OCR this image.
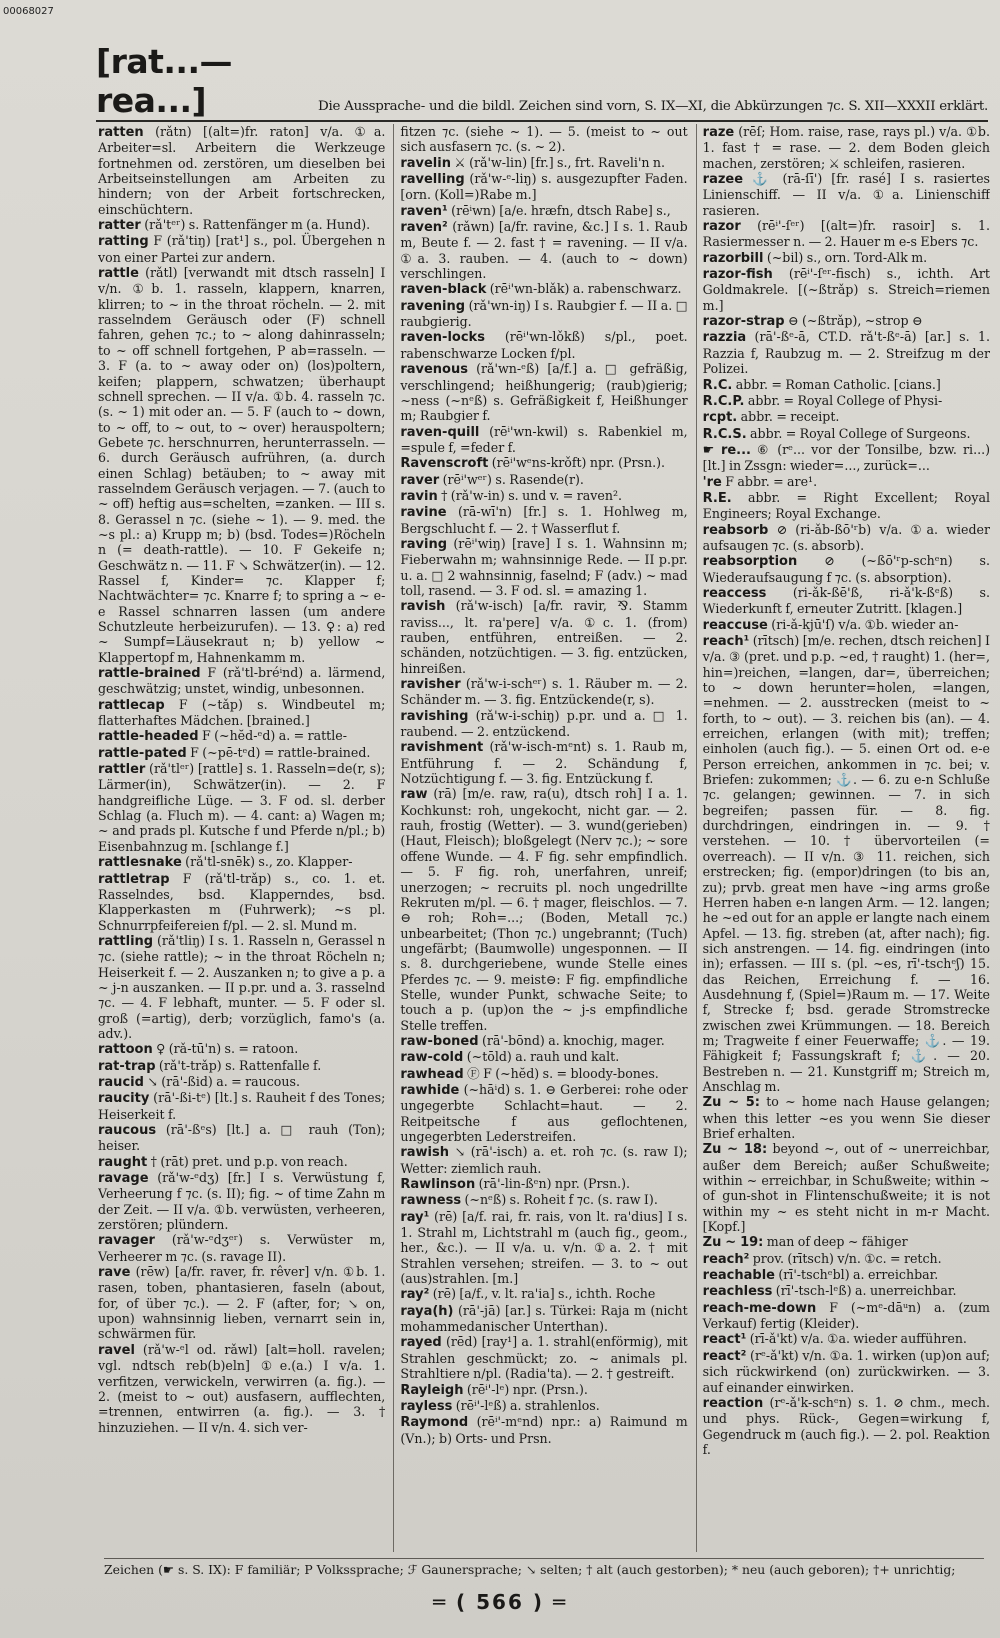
00068027
[rat...—rea...]	Die Aussprache- und die bildl. Zeichen sind vorn, S. IX—XI, die Abkürzungen ⁊c. S. XII—XXXII erklärt.

ratten (rǎtn) [(alt=)fr. raton] v/a. ①a. Arbeiter=sl. Arbeitern die Werkzeuge fortnehmen od. zerstören, um dieselben bei Arbeitseinstellungen am Arbeiten zu hindern; von der Arbeit fortschrecken, einschüchtern.

ratter (rǎ'tᵉʳ) s. Rattenfänger m (a. Hund).

ratting F (rǎ'tiŋ) [rat¹] s., pol. Übergehen n von einer Partei zur andern.

rattle (rǎtl) [verwandt mit dtsch rasseln] I v/n. ①b. 1. rasseln, klappern, knarren, klirren; to ~ in the throat röcheln. — 2. mit rasselndem Geräusch oder (F) schnell fahren, gehen ⁊c.; to ~ along dahinrasseln; to ~ off schnell fortgehen, P ab=rasseln. — 3. F (a. to ~ away oder on) (los)poltern, keifen; plappern, schwatzen; überhaupt schnell sprechen. — II v/a. ①b. 4. rasseln ⁊c. (s. ~ 1) mit oder an. — 5. F (auch to ~ down, to ~ off, to ~ out, to ~ over) herauspoltern; Gebete ⁊c. herschnurren, herunterrasseln. — 6. durch Geräusch aufrühren, (a. durch einen Schlag) betäuben; to ~ away mit rasselndem Geräusch verjagen. — 7. (auch to ~ off) heftig aus=schelten, =zanken. — III s. 8. Gerassel n ⁊c. (siehe ~ 1). — 9. med. the ~s pl.: a) Krupp m; b) (bsd. Todes=)Röcheln n (= death-rattle). — 10. F Gekeife n; Geschwätz n. — 11. F ↘ Schwätzer(in). — 12. Rassel f, Kinder= ⁊c. Klapper f; Nachtwächter= ⁊c. Knarre f; to spring a ~ e-e Rassel schnarren lassen (um andere Schutzleute herbeizurufen). — 13. ♀: a) red ~ Sumpf=Läusekraut n; b) yellow ~ Klappertopf m, Hahnenkamm m.

rattle-brained F (rǎ'tl-bréⁱnd) a. lärmend, geschwätzig; unstet, windig, unbesonnen.

rattlecap F (~tǎp) s. Windbeutel m; flatterhaftes Mädchen. [brained.]

rattle-headed F (~hĕd-ᵉd) a. = rattle-

rattle-pated F (~pē-tᵉd) = rattle-brained.

rattler (rǎ'tlᵉʳ) [rattle] s. 1. Rasseln=de(r, s); Lärmer(in), Schwätzer(in). — 2. F handgreifliche Lüge. — 3. F od. sl. derber Schlag (a. Fluch m). — 4. cant: a) Wagen m; ~ and prads pl. Kutsche f und Pferde n/pl.; b) Eisenbahnzug m. [schlange f.]

rattlesnake (rǎ'tl-snēk) s., zo. Klapper-

rattletrap F (rǎ'tl-trǎp) s., co. 1. et. Rasselndes, bsd. Klapperndes, bsd. Klapperkasten m (Fuhrwerk); ~s pl. Schnurrpfeifereien f/pl. — 2. sl. Mund m.

rattling (rǎ'tliŋ) I s. 1. Rasseln n, Gerassel n ⁊c. (siehe rattle); ~ in the throat Röcheln n; Heiserkeit f. — 2. Auszanken n; to give a p. a ~ j-n auszanken. — II p.pr. und a. 3. rasselnd ⁊c. — 4. F lebhaft, munter. — 5. F oder sl. groß (=artig), derb; vorzüglich, famo's (a. adv.).

rattoon ♀ (rǎ-tū'n) s. = ratoon.

rat-trap (rǎ't-trǎp) s. Rattenfalle f.

raucid ↘ (rā'-ßid) a. = raucous.

raucity (rā'-ßi-tᵉ) [lt.] s. Rauheit f des Tones; Heiserkeit f.

raucous (rā'-ßᵉs) [lt.] a. □ rauh (Ton); heiser.

raught † (rāt) pret. und p.p. von reach.

ravage (rǎ'w-ᵉdʒ) [fr.] I s. Verwüstung f, Verheerung f ⁊c. (s. II); fig. ~ of time Zahn m der Zeit. — II v/a. ①b. verwüsten, verheeren, zerstören; plündern.

ravager (rǎ'w-ᵉdʒᵉʳ) s. Verwüster m, Verheerer m ⁊c. (s. ravage II).

rave (rēw) [a/fr. raver, fr. rêver] v/n. ①b. 1. rasen, toben, phantasieren, faseln (about, for, of über ⁊c.). — 2. F (after, for; ↘ on, upon) wahnsinnig lieben, vernarrt sein in, schwärmen für.

ravel (rǎ'w-ᵉl od. rǎwl) [alt=holl. ravelen; vgl. ndtsch reb(b)eln] ①e.(a.) I v/a. 1. verfitzen, verwickeln, verwirren (a. fig.). — 2. (meist to ~ out) ausfasern, aufflechten, =trennen, entwirren (a. fig.). — 3. † hinzuziehen. — II v/n. 4. sich ver-

fitzen ⁊c. (siehe ~ 1). — 5. (meist to ~ out sich ausfasern ⁊c. (s. ~ 2).

ravelin ⚔ (rǎ'w-lin) [fr.] s., frt. Raveli'n n.

ravelling (rǎ'w-ᵉ-liŋ) s. ausgezupfter Faden. [orn. (Koll=)Rabe m.]

raven¹ (rēⁱwn) [a/e. hræfn, dtsch Rabe] s.,

raven² (rǎwn) [a/fr. ravine, &c.] I s. 1. Raub m, Beute f. — 2. fast † = ravening. — II v/a. ①a. 3. rauben. — 4. (auch to ~ down) verschlingen.

raven-black (rēⁱ'wn-blǎk) a. rabenschwarz.

ravening (rǎ'wn-iŋ) I s. Raubgier f. — II a. □ raubgierig.

raven-locks (rēⁱ'wn-lǒkß) s/pl., poet. rabenschwarze Locken f/pl.

ravenous (rǎ'wn-ᵉß) [a/f.] a. □ gefräßig, verschlingend; heißhungerig; (raub)gierig; ~ness (~nᵉß) s. Gefräßigkeit f, Heißhunger m; Raubgier f.

raven-quill (rēⁱ'wn-kwil) s. Rabenkiel m, =spule f, =feder f.

Ravenscroft (rēⁱ'wᵉns-krǒft) npr. (Prsn.).

raver (rēⁱ'wᵉʳ) s. Rasende(r).

ravin † (rǎ'w-in) s. und v. = raven².

ravine (rā-wī'n) [fr.] s. 1. Hohlweg m, Bergschlucht f. — 2. † Wasserflut f.

raving (rēⁱ'wiŋ) [rave] I s. 1. Wahnsinn m; Fieberwahn m; wahnsinnige Rede. — II p.pr. u. a. □ 2 wahnsinnig, faselnd; F (adv.) ~ mad toll, rasend. — 3. F od. sl. = amazing 1.

ravish (rǎ'w-isch) [a/fr. ravir, ⅋. Stamm raviss..., lt. ra'pere] v/a. ①c. 1. (from) rauben, entführen, entreißen. — 2. schänden, notzüchtigen. — 3. fig. entzücken, hinreißen.

ravisher (rǎ'w-i-schᵉʳ) s. 1. Räuber m. — 2. Schänder m. — 3. fig. Entzückende(r, s).

ravishing (rǎ'w-i-schiŋ) p.pr. und a. □ 1. raubend. — 2. entzückend.

ravishment (rǎ'w-isch-mᵉnt) s. 1. Raub m, Entführung f. — 2. Schändung f, Notzüchtigung f. — 3. fig. Entzückung f.

raw (rā) [m/e. raw, ra(u), dtsch roh] I a. 1. Kochkunst: roh, ungekocht, nicht gar. — 2. rauh, frostig (Wetter). — 3. wund(gerieben) (Haut, Fleisch); bloßgelegt (Nerv ⁊c.); ~ sore offene Wunde. — 4. F fig. sehr empfindlich. — 5. F fig. roh, unerfahren, unreif; unerzogen; ~ recruits pl. noch ungedrillte Rekruten m/pl. — 6. † mager, fleischlos. — 7. ⊖ roh; Roh=...; (Boden, Metall ⁊c.) unbearbeitet; (Thon ⁊c.) ungebrannt; (Tuch) ungefärbt; (Baumwolle) ungesponnen. — II s. 8. durchgeriebene, wunde Stelle eines Pferdes ⁊c. — 9. meist⊖: F fig. empfindliche Stelle, wunder Punkt, schwache Seite; to touch a p. (up)on the ~ j-s empfindliche Stelle treffen.

raw-boned (rā'-bōnd) a. knochig, mager.

raw-cold (~tōld) a. rauh und kalt.

rawhead Ⓕ F (~hĕd) s. = bloody-bones.

rawhide (~hāⁱd) s. 1. ⊖ Gerberei: rohe oder ungegerbte Schlacht=haut. — 2. Reitpeitsche f aus geflochtenen, ungegerbten Lederstreifen.

rawish ↘ (rā'-isch) a. et. roh ⁊c. (s. raw I); Wetter: ziemlich rauh.

Rawlinson (rā'-lin-ßᵉn) npr. (Prsn.).

rawness (~nᵉß) s. Roheit f ⁊c. (s. raw I).

ray¹ (rē) [a/f. rai, fr. rais, von lt. ra'dius] I s. 1. Strahl m, Lichtstrahl m (auch fig., geom., her., &c.). — II v/a. u. v/n. ①a. 2. † mit Strahlen versehen; streifen. — 3. to ~ out (aus)strahlen. [m.]

ray² (rē) [a/f., v. lt. ra'ia] s., ichth. Roche

raya(h) (rā'-jā) [ar.] s. Türkei: Raja m (nicht mohammedanischer Unterthan).

rayed (rēd) [ray¹] a. 1. strahl(enförmig), mit Strahlen geschmückt; zo. ~ animals pl. Strahltiere n/pl. (Radia'ta). — 2. † gestreift.

Rayleigh (rēⁱ'-lᵉ) npr. (Prsn.).

rayless (rēⁱ'-lᵉß) a. strahlenlos.

Raymond (rēⁱ'-mᵉnd) npr.: a) Raimund m (Vn.); b) Orts- und Prsn.

raze (rēſ; Hom. raise, rase, rays pl.) v/a. ①b. 1. fast † = rase. — 2. dem Boden gleich machen, zerstören; ⚔ schleifen, rasieren.

razee ⚓ (rā-ſī') [fr. rasé] I s. rasiertes Linienschiff. — II v/a. ①a. Linienschiff rasieren.

razor (rēⁱ'-ſᵉʳ) [(alt=)fr. rasoir] s. 1. Rasiermesser n. — 2. Hauer m e-s Ebers ⁊c.

razorbill (~bil) s., orn. Tord-Alk m.

razor-fish (rēⁱ'-ſᵉʳ-fisch) s., ichth. Art Goldmakrele. [(~ßtrǎp) s. Streich=riemen m.]

razor-strap ⊖ (~ßtrǎp), ~strop ⊖

razzia (rā'-ßᵉ-ā, CT.D. rǎ't-ßᵉ-ā) [ar.] s. 1. Razzia f, Raubzug m. — 2. Streifzug m der Polizei.

R.C. abbr. = Roman Catholic. [cians.]

R.C.P. abbr. = Royal College of Physi-

rcpt. abbr. = receipt.

R.C.S. abbr. = Royal College of Surgeons.

☛ re... ⑥ (rᵉ... vor der Tonsilbe, bzw. ri...) [lt.] in Zssgn: wieder=..., zurück=...

're F abbr. = are¹.

R.E. abbr. = Right Excellent; Royal Engineers; Royal Exchange.

reabsorb ⊘ (ri-ǎb-ßō'ʳb) v/a. ①a. wieder aufsaugen ⁊c. (s. absorb).

reabsorption ⊘ (~ßō'ʳp-schᵉn) s. Wiederaufsaugung f ⁊c. (s. absorption).

reaccess (ri-ǎk-ßē'ß, ri-ǎ'k-ßᵉß) s. Wiederkunft f, erneuter Zutritt. [klagen.]

reaccuse (ri-ǎ-kjū'ſ) v/a. ①b. wieder an-

reach¹ (rītsch) [m/e. rechen, dtsch reichen] I v/a. ③ (pret. und p.p. ~ed, † raught) 1. (her=, hin=)reichen, =langen, dar=, überreichen; to ~ down herunter=holen, =langen, =nehmen. — 2. ausstrecken (meist to ~ forth, to ~ out). — 3. reichen bis (an). — 4. erreichen, erlangen (with mit); treffen; einholen (auch fig.). — 5. einen Ort od. e-e Person erreichen, ankommen in ⁊c. bei; v. Briefen: zukommen; ⚓. — 6. zu e-n Schluße ⁊c. gelangen; gewinnen. — 7. in sich begreifen; passen für. — 8. fig. durchdringen, eindringen in. — 9. † verstehen. — 10. † übervorteilen (= overreach). — II v/n. ③ 11. reichen, sich erstrecken; fig. (empor)dringen (to bis an, zu); prvb. great men have ~ing arms große Herren haben e-n langen Arm. — 12. langen; he ~ed out for an apple er langte nach einem Apfel. — 13. fig. streben (at, after nach); fig. sich anstrengen. — 14. fig. eindringen (into in); erfassen. — III s. (pl. ~es, rī'-tschᵉʃ) 15. das Reichen, Erreichung f. — 16. Ausdehnung f, (Spiel=)Raum m. — 17. Weite f, Strecke f; bsd. gerade Stromstrecke zwischen zwei Krümmungen. — 18. Bereich m; Tragweite f einer Feuerwaffe; ⚓. — 19. Fähigkeit f; Fassungskraft f; ⚓. — 20. Bestreben n. — 21. Kunstgriff m; Streich m, Anschlag m.

Zu ~ 5: to ~ home nach Hause gelangen; when this letter ~es you wenn Sie dieser Brief erhalten.

Zu ~ 18: beyond ~, out of ~ unerreichbar, außer dem Bereich; außer Schußweite; within ~ erreichbar, in Schußweite; within ~ of gun-shot in Flintenschußweite; it is not within my ~ es steht nicht in m-r Macht. [Kopf.]

Zu ~ 19: man of deep ~ fähiger

reach² prov. (rītsch) v/n. ①c. = retch.

reachable (rī'-tschᵉbl) a. erreichbar.

reachless (rī'-tsch-lᵉß) a. unerreichbar.

reach-me-down F (~mᵉ-dāᵘn) a. (zum Verkauf) fertig (Kleider).

react¹ (rī-ǎ'kt) v/a. ①a. wieder aufführen.

react² (rᵉ-ǎ'kt) v/n. ①a. 1. wirken (up)on auf; sich rückwirkend (on) zurückwirken. — 3. auf einander einwirken.

reaction (rᵉ-ǎ'k-schᵉn) s. 1. ⊘ chm., mech. und phys. Rück-, Gegen=wirkung f, Gegendruck m (auch fig.). — 2. pol. Reaktion f.

Zeichen (☛ s. S. IX): F familiär; P Volkssprache; ℱ Gaunersprache; ↘ selten; † alt (auch gestorben); * neu (auch geboren); †+ unrichtig;
═ ( 566 ) ═
